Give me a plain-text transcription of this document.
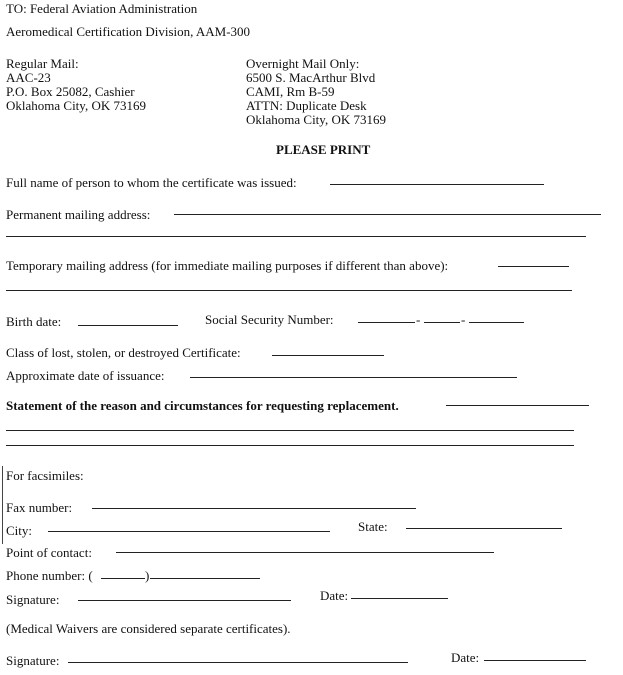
TO: Federal Aviation Administration
Aeromedical Certification Division, AAM-300
Regular Mail:
AAC-23
P.O. Box 25082, Cashier
Oklahoma City, OK 73169
Overnight Mail Only:
6500 S. MacArthur Blvd
CAMI, Rm B-59
ATTN: Duplicate Desk
Oklahoma City, OK 73169
PLEASE PRINT
Full name of person to whom the certificate was issued:
Permanent mailing address:
Temporary mailing address (for immediate mailing purposes if different than above):
Birth date:	Social Security Number:	-	-
Class of lost, stolen, or destroyed Certificate:
Approximate date of issuance:
Statement of the reason and circumstances for requesting replacement.
For facsimiles:
Fax number:
City:	State:
Point of contact:
Phone number: (	)
Signature:	Date:
(Medical Waivers are considered separate certificates).
Signature:	Date:
